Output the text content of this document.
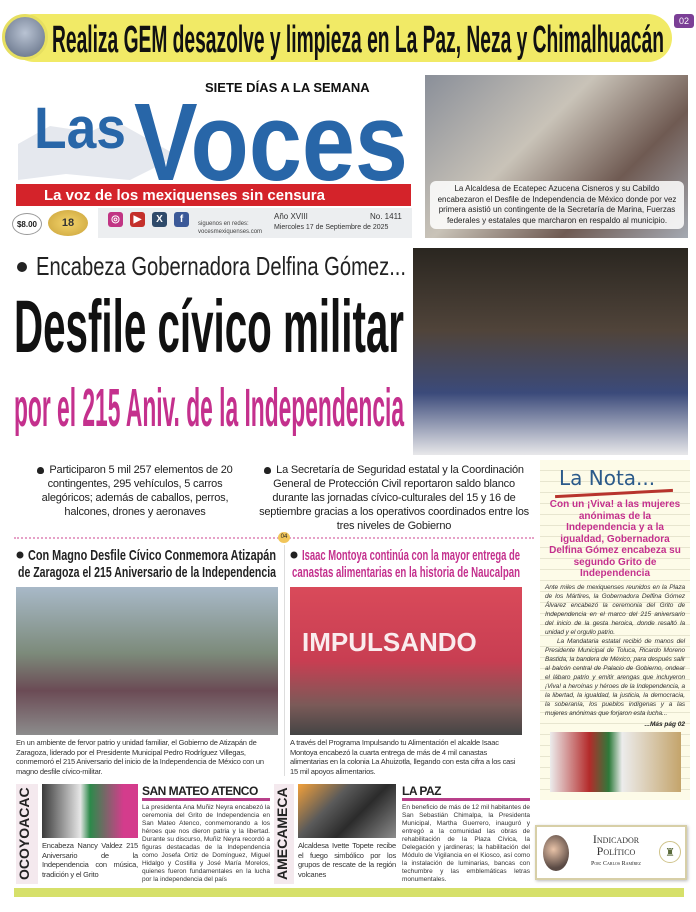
Realiza GEM desazolve y limpieza en La Paz, Neza y Chimalhuacán	02
SIETE DÍAS A LA SEMANA
Las Voces
La voz de los mexiquenses sin censura
$8.00	18	◎	▶	X	f	siguenos en redes:
vocesmexiquenses.com
Año XVIII	No. 1411
Miercoles 17 de Septiembre de 2025
La Alcaldesa de Ecatepec Azucena Cisneros y su Cabildo encabezaron el Desfile de Independencia de México donde por vez primera asistió un contingente de la Secretaría de Marina, Fuerzas federales y estatales que marcharon en respaldo al municipio.
Encabeza Gobernadora Delfina Gómez...
Desfile cívico militar
por el 215 Aniv. de la Independencia
Participaron 5 mil 257 elementos de 20 contingentes, 295 vehículos, 5 carros alegóricos; además de caballos, perros, halcones, drones y aeronaves
La Secretaría de Seguridad estatal y la Coordinación General de Protección Civil reportaron saldo blanco durante las jornadas cívico-culturales del 15 y 16 de septiembre gracias a los operativos coordinados entre los tres niveles de Gobierno
04
Con Magno Desfile Cívico Conmemora Atizapán
de Zaragoza el 215 Aniversario de la Independencia
En un ambiente de fervor patrio y unidad familiar, el Gobierno de Atizapán de Zaragoza, liderado por el Presidente Municipal Pedro Rodríguez Villegas, conmemoró el 215 Aniversario del inicio de la Independencia de México con un magno desfile cívico-militar.
Isaac Montoya continúa con la mayor entrega de
canastas alimentarias en la historia de Naucalpan
IMPULSANDO
A través del Programa Impulsando tu Alimentación el alcalde Isaac Montoya encabezó la cuarta entrega de más de 4 mil canastas alimentarias en la colonia La Ahuizotla, llegando con esta cifra a los casi 15 mil apoyos alimentarios.
La Nota...
Con un ¡Viva! a las mujeres anónimas de la Independencia y a la igualdad, Gobernadora Delfina Gómez encabeza su segundo Grito de Independencia

Ante miles de mexiquenses reunidos en la Plaza de los Mártires, la Gobernadora Delfina Gómez Álvarez encabezó la ceremonia del Grito de Independencia en el marco del 215 aniversario del inicio de la gesta heroica, donde resaltó la unidad y el orgullo patrio.

La Mandataria estatal recibió de manos del Presidente Municipal de Toluca, Ricardo Moreno Bastida, la bandera de México, para después salir al balcón central de Palacio de Gobierno, ondear el lábaro patrio y emitir arengas que incluyeron ¡Viva! a heroínas y héroes de la Independencia, a la libertad, la igualdad, la justicia, la democracia, la soberanía, los pueblos indígenas y a las mujeres anónimas que forjaron esta lucha...

...Más pág 02
OCOYOACAC	Encabeza Nancy Valdez 215 Aniversario de la Independencia con música, tradición y el Grito
SAN MATEO ATENCO
La presidenta Ana Muñiz Neyra encabezó la ceremonia del Grito de Independencia en San Mateo Atenco, conmemorando a los héroes que nos dieron patria y la libertad. Durante su discurso, Muñiz Neyra recordó a figuras destacadas de la Independencia como Josefa Ortiz de Domínguez, Miguel Hidalgo y Costilla y José María Morelos, quienes fueron fundamentales en la lucha por la independencia del país	AMECAMECA	Alcaldesa Ivette Topete recibe el fuego simbólico por los grupos de rescate de la región volcanes
LA PAZ
En beneficio de más de 12 mil habitantes de San Sebastián Chimalpa, la Presidenta Municipal, Martha Guerrero, inauguró y entregó a la comunidad las obras de rehabilitación de la Plaza Cívica, la Delegación y jardineras; la habilitación del Módulo de Vigilancia en el Kiosco, así como la instalación de luminarias, bancas con techumbre y las emblemáticas letras monumentales.
Indicador
Político
Por: Carlos Ramírez
♜
